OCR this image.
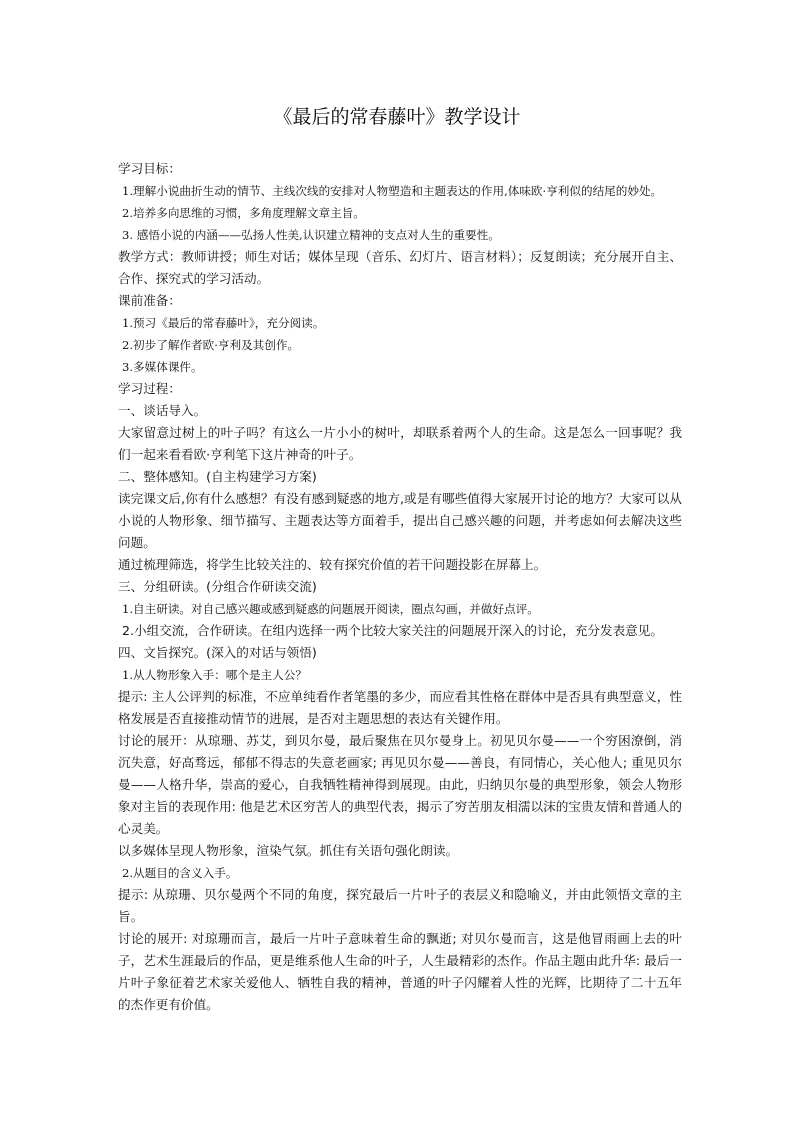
《最后的常春藤叶》教学设计

学习目标：

1.理解小说曲折生动的情节、主线次线的安排对人物塑造和主题表达的作用,体味欧·亨利似的结尾的妙处。

2.培养多向思维的习惯，多角度理解文章主旨。

3. 感悟小说的内涵——弘扬人性美,认识建立精神的支点对人生的重要性。

教学方式：教师讲授；师生对话；媒体呈现（音乐、幻灯片、语言材料）；反复朗读；充分展开自主、合作、探究式的学习活动。

课前准备：

1.预习《最后的常春藤叶》，充分阅读。

2.初步了解作者欧·亨利及其创作。

3.多媒体课件。

学习过程：

一、谈话导入。

大家留意过树上的叶子吗？有这么一片小小的树叶，却联系着两个人的生命。这是怎么一回事呢？我们一起来看看欧·亨利笔下这片神奇的叶子。

二、整体感知。(自主构建学习方案)

读完课文后,你有什么感想？有没有感到疑惑的地方,或是有哪些值得大家展开讨论的地方？大家可以从小说的人物形象、细节描写、主题表达等方面着手，提出自己感兴趣的问题，并考虑如何去解决这些问题。

通过梳理筛选，将学生比较关注的、较有探究价值的若干问题投影在屏幕上。

三、分组研读。(分组合作研读交流)

1.自主研读。对自己感兴趣或感到疑惑的问题展开阅读，圈点勾画，并做好点评。

2.小组交流，合作研读。在组内选择一两个比较大家关注的问题展开深入的讨论，充分发表意见。

四、文旨探究。(深入的对话与领悟)

1.从人物形象入手：哪个是主人公？

提示: 主人公评判的标准，不应单纯看作者笔墨的多少，而应看其性格在群体中是否具有典型意义，性格发展是否直接推动情节的进展，是否对主题思想的表达有关键作用。

讨论的展开：从琼珊、苏艾，到贝尔曼，最后聚焦在贝尔曼身上。初见贝尔曼——一个穷困潦倒，消沉失意，好高骛远，郁郁不得志的失意老画家; 再见贝尔曼——善良，有同情心，关心他人; 重见贝尔曼——人格升华，崇高的爱心，自我牺牲精神得到展现。由此，归纳贝尔曼的典型形象，领会人物形象对主旨的表现作用: 他是艺术区穷苦人的典型代表，揭示了穷苦朋友相濡以沫的宝贵友情和普通人的心灵美。

以多媒体呈现人物形象，渲染气氛。抓住有关语句强化朗读。

2.从题目的含义入手。

提示: 从琼珊、贝尔曼两个不同的角度，探究最后一片叶子的表层义和隐喻义，并由此领悟文章的主旨。

讨论的展开: 对琼珊而言，最后一片叶子意味着生命的飘逝; 对贝尔曼而言，这是他冒雨画上去的叶子，艺术生涯最后的作品，更是维系他人生命的叶子，人生最精彩的杰作。作品主题由此升华: 最后一片叶子象征着艺术家关爱他人、牺牲自我的精神，普通的叶子闪耀着人性的光辉，比期待了二十五年的杰作更有价值。
